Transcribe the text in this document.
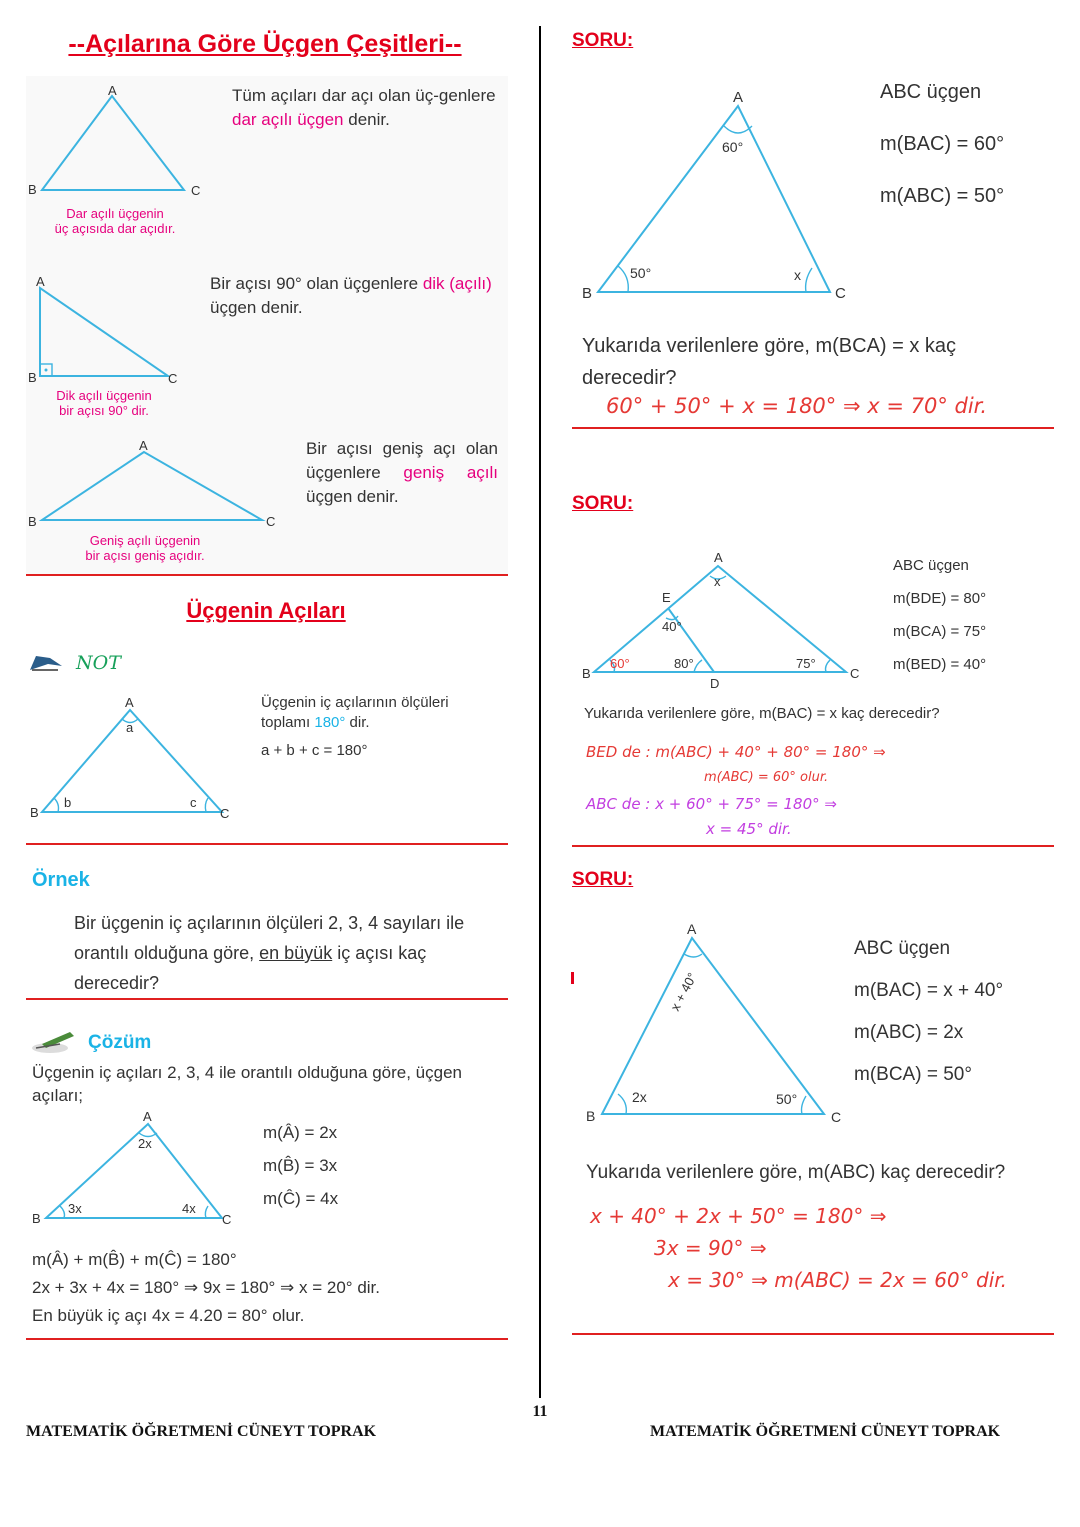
--Açılarına Göre Üçgen Çeşitleri--
A
B	C
Dar açılı üçgenin
üç açısıda dar açıdır.
Tüm açıları dar açı olan üç-genlere dar açılı üçgen denir.
A
B	C
Dik açılı üçgenin
bir açısı 90° dir.
Bir açısı 90° olan üçgenlere dik (açılı) üçgen denir.
A
B	C
Geniş açılı üçgenin
bir açısı geniş açıdır.
Bir açısı geniş açı olan üçgenlere geniş açılı üçgen denir.
Üçgenin Açıları
NOT
A
B	C
a
b	c
Üçgenin iç açılarının ölçüleri
toplamı 180° dir.
a + b + c = 180°
Örnek
Bir üçgenin iç açılarının ölçüleri 2, 3, 4 sayıları ile orantılı olduğuna göre, en büyük iç açısı kaç derecedir?
Çözüm
Üçgenin iç açıları 2, 3, 4 ile orantılı olduğuna göre, üçgen açıları;
A
B	C
2x
3x	4x
m(Â) = 2x
m(B̂) = 3x
m(Ĉ) = 4x
m(Â) + m(B̂) + m(Ĉ) = 180°
2x + 3x + 4x = 180° ⇒ 9x = 180° ⇒ x = 20° dir.
En büyük iç açı 4x = 4.20 = 80° olur.
SORU:
A
B	C
60°
50°	x
ABC üçgen
m(BAC) = 60°
m(ABC) = 50°
Yukarıda verilenlere göre, m(BCA) = x kaç derecedir?
60° + 50° + x = 180° ⇒ x = 70° dir.
SORU:
A
B	C
D
E
x
40°
60°	80°	75°
ABC üçgen
m(BDE) = 80°
m(BCA) = 75°
m(BED) = 40°
Yukarıda verilenlere göre, m(BAC) = x kaç derecedir?
BED de : m(ABC) + 40° + 80° = 180° ⇒
m(ABC) = 60° olur.
ABC de : x + 60° + 75° = 180° ⇒
x = 45° dir.
SORU:
A
B	C
x + 40°
2x	50°
ABC üçgen
m(BAC) = x + 40°
m(ABC) = 2x
m(BCA) = 50°
Yukarıda verilenlere göre, m(ABC) kaç derecedir?
x + 40° + 2x + 50° = 180° ⇒
3x = 90° ⇒
x = 30° ⇒ m(ABC) = 2x = 60° dir.
11
MATEMATİK ÖĞRETMENİ CÜNEYT TOPRAK	MATEMATİK ÖĞRETMENİ CÜNEYT TOPRAK
